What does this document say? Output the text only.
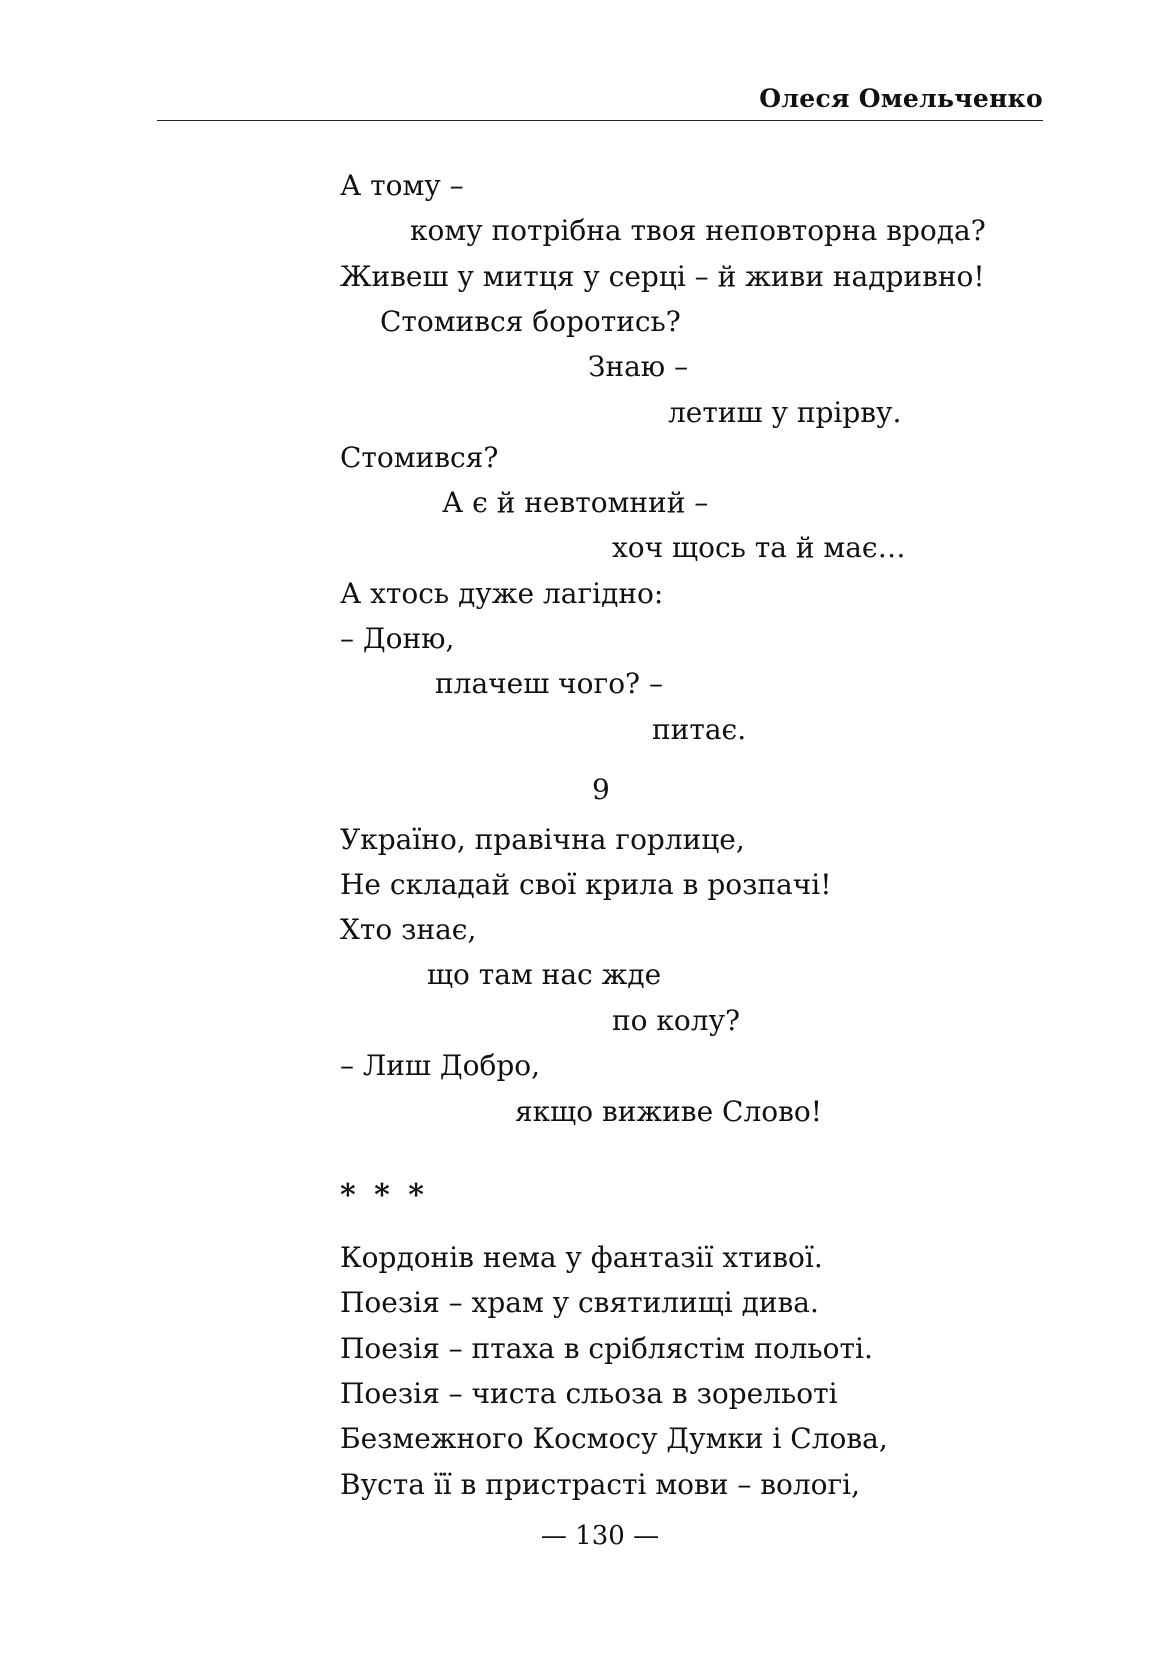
Олеся Омельченко
А тому –
кому потрібна твоя неповторна врода?
Живеш у митця у серці – й живи надривно!
Стомився боротись?
Знаю –
летиш у прірву.
Стомився?
А є й невтомний –
хоч щось та й має…
А хтось дуже лагідно:
– Доню,
плачеш чого? –
питає.
9
Україно, правічна горлице,
Не складай свої крила в розпачі!
Хто знає,
що там нас жде
по колу?
– Лиш Добро,
якщо виживе Слово!
* * *
Кордонів нема у фантазії хтивої.
Поезія – храм у святилищі дива.
Поезія – птаха в сріблястім польоті.
Поезія – чиста сльоза в зорельоті
Безмежного Космосу Думки і Слова,
Вуста її в пристрасті мови – вологі,
— 130 —
